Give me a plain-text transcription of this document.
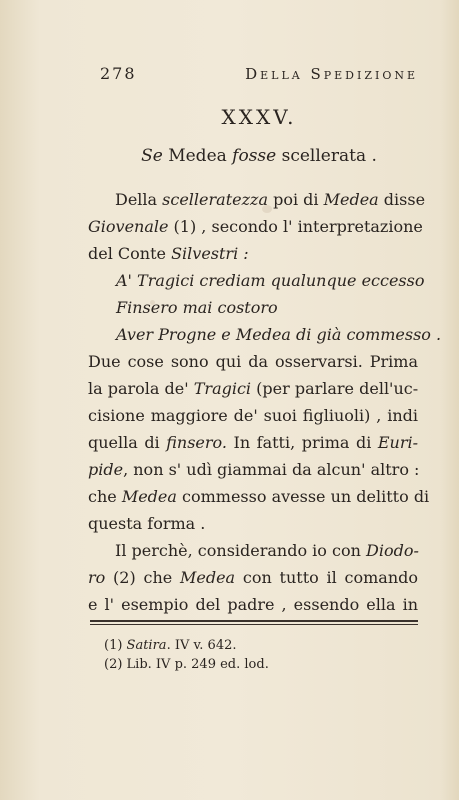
278	Della Spedizione
XXXV.
Se Medea fosse scellerata .
Della scelleratezza poi di Medea disse
Giovenale (1) , secondo l' interpretazione
del Conte Silvestri :
A' Tragici crediam qualunque eccesso
Finsero mai costoro
Aver Progne e Medea di già commesso .
Due cose sono qui da osservarsi. Prima
la parola de' Tragici (per parlare dell'uc-
cisione maggiore de' suoi figliuoli) , indi
quella di finsero. In fatti, prima di Euri-
pide, non s' udì giammai da alcun' altro :
che Medea commesso avesse un delitto di
questa forma .
Il perchè, considerando io con Diodo-
ro (2) che Medea con tutto il comando
e l' esempio del padre , essendo ella in
(1) Satira. IV v. 642.
(2) Lib. IV p. 249 ed. lod.
